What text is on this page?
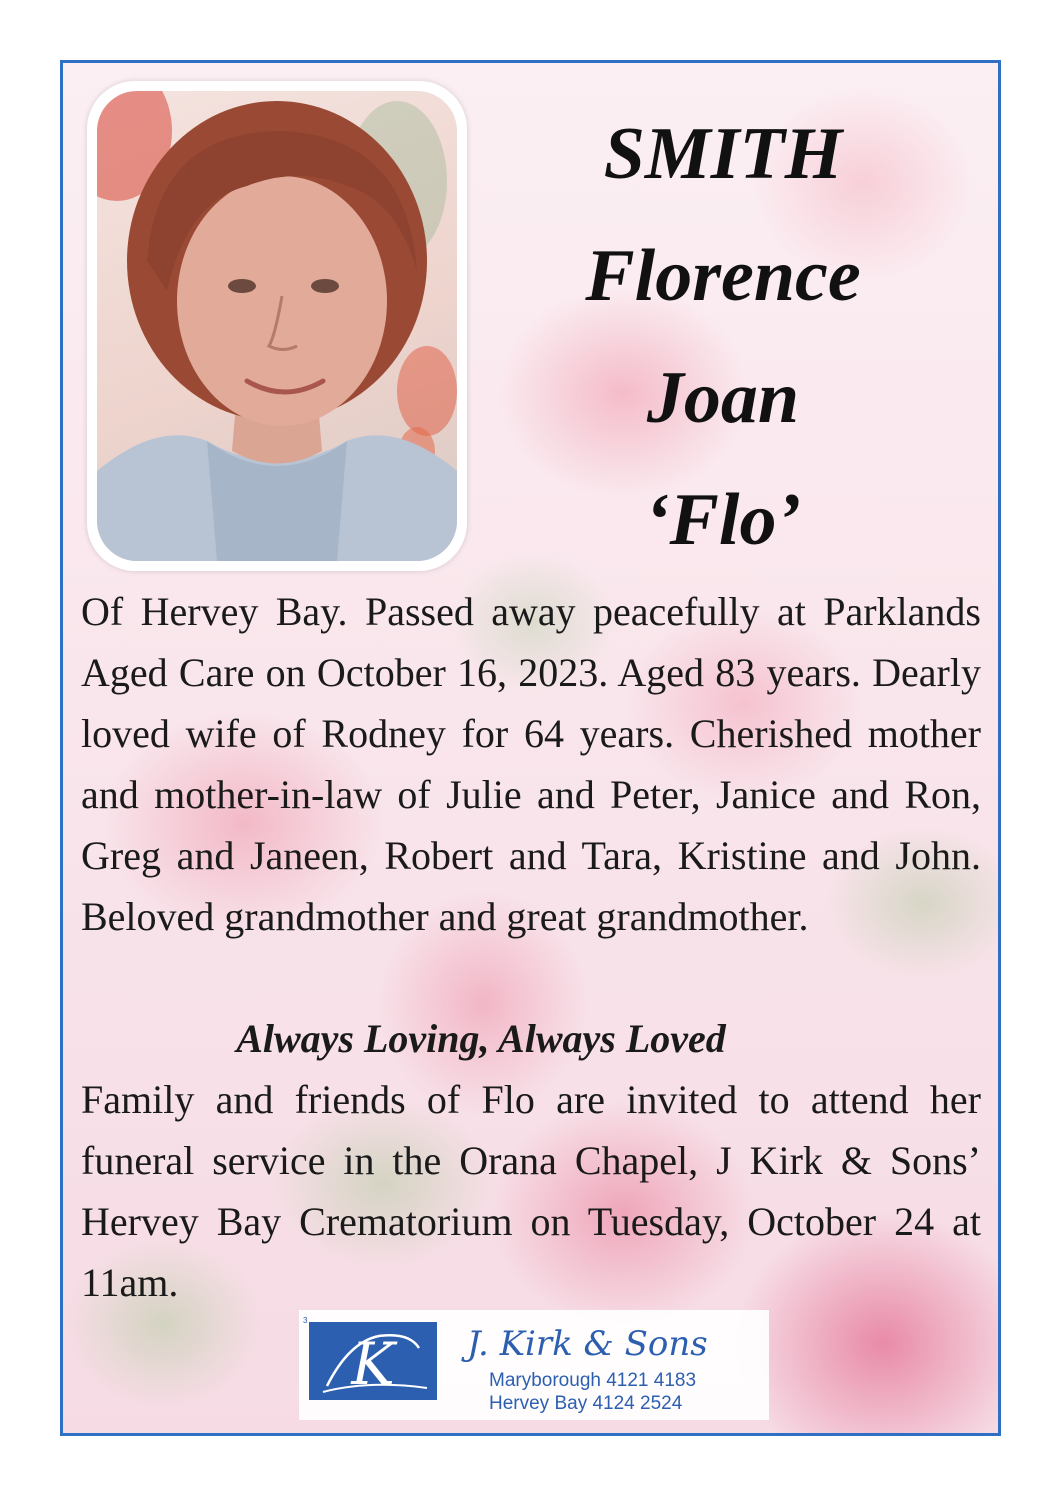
SMITH
Florence
Joan
‘Flo’

Of Hervey Bay. Passed away peacefully at Parklands Aged Care on October 16, 2023. Aged 83 years. Dearly loved wife of Rodney for 64 years. Cherished mother and mother-in-law of Julie and Peter, Janice and Ron, Greg and Janeen, Robert and Tara, Kristine and John. Beloved grandmother and great grandmother.

Always Loving, Always Loved

Family and friends of Flo are invited to attend her funeral service in the Orana Chapel, J Kirk & Sons’ Hervey Bay Crematorium on Tuesday, October 24 at 11am.

K
3
J. Kirk & Sons
Maryborough 4121 4183
Hervey Bay 4124 2524
